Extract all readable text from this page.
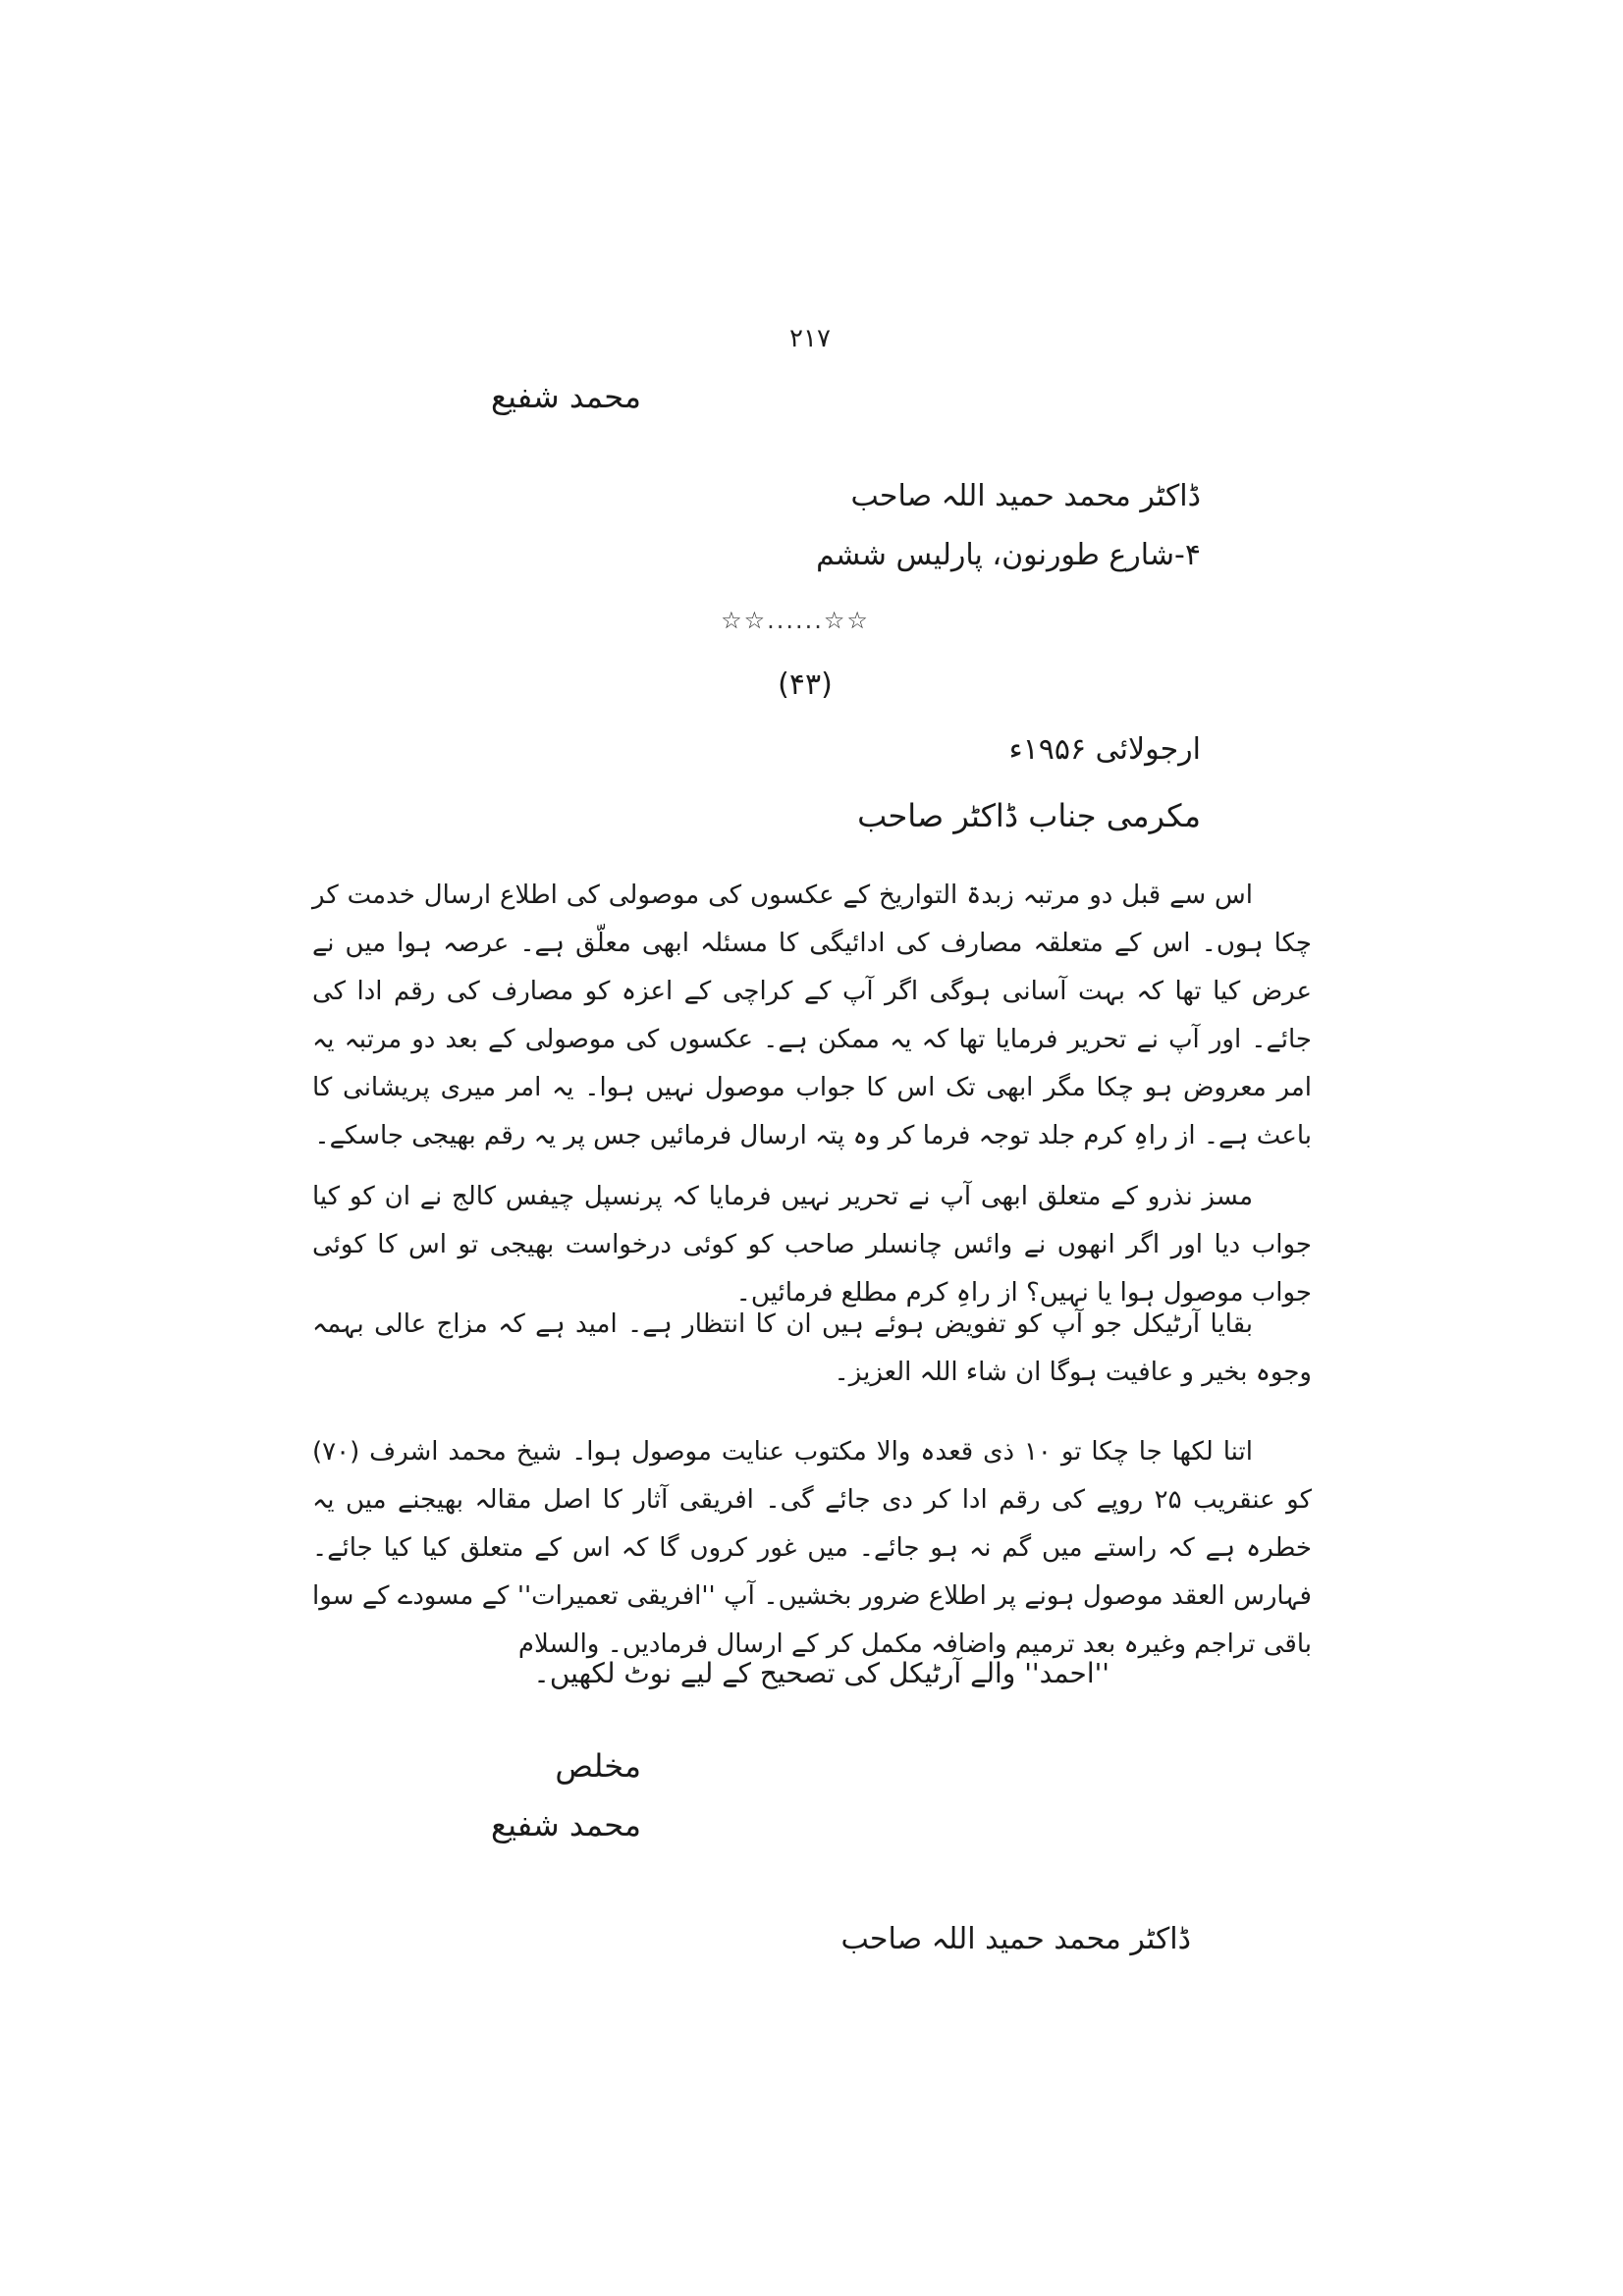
۲۱۷
محمد شفیع
ڈاکٹر محمد حمید اللہ صاحب
۴-شارع طورنون، پارلیس ششم
☆☆......☆☆
(۴۳)
ارجولائی ۱۹۵۶ء
مکرمی جناب ڈاکٹر صاحب
اس سے قبل دو مرتبہ زبدۃ التواریخ کے عکسوں کی موصولی کی اطلاع ارسال خدمت کر چکا ہوں۔ اس کے متعلقہ مصارف کی ادائیگی کا مسئلہ ابھی معلّق ہے۔ عرصہ ہوا میں نے عرض کیا تھا کہ بہت آسانی ہوگی اگر آپ کے کراچی کے اعزہ کو مصارف کی رقم ادا کی جائے۔ اور آپ نے تحریر فرمایا تھا کہ یہ ممکن ہے۔ عکسوں کی موصولی کے بعد دو مرتبہ یہ امر معروض ہو چکا مگر ابھی تک اس کا جواب موصول نہیں ہوا۔ یہ امر میری پریشانی کا باعث ہے۔ از راہِ کرم جلد توجہ فرما کر وہ پتہ ارسال فرمائیں جس پر یہ رقم بھیجی جاسکے۔
مسز نذرو کے متعلق ابھی آپ نے تحریر نہیں فرمایا کہ پرنسپل چیفس کالج نے ان کو کیا جواب دیا اور اگر انھوں نے وائس چانسلر صاحب کو کوئی درخواست بھیجی تو اس کا کوئی جواب موصول ہوا یا نہیں؟ از راہِ کرم مطلع فرمائیں۔
بقایا آرٹیکل جو آپ کو تفویض ہوئے ہیں ان کا انتظار ہے۔ امید ہے کہ مزاج عالی بہمہ وجوہ بخیر و عافیت ہوگا ان شاء اللہ العزیز۔
اتنا لکھا جا چکا تو ۱۰ ذی قعدہ والا مکتوب عنایت موصول ہوا۔ شیخ محمد اشرف (۷۰) کو عنقریب ۲۵ روپے کی رقم ادا کر دی جائے گی۔ افریقی آثار کا اصل مقالہ بھیجنے میں یہ خطرہ ہے کہ راستے میں گم نہ ہو جائے۔ میں غور کروں گا کہ اس کے متعلق کیا کیا جائے۔ فہارس العقد موصول ہونے پر اطلاع ضرور بخشیں۔ آپ ''افریقی تعمیرات'' کے مسودے کے سوا باقی تراجم وغیرہ بعد ترمیم واضافہ مکمل کر کے ارسال فرمادیں۔ والسلام
''احمد'' والے آرٹیکل کی تصحیح کے لیے نوٹ لکھیں۔
مخلص
محمد شفیع
ڈاکٹر محمد حمید اللہ صاحب
